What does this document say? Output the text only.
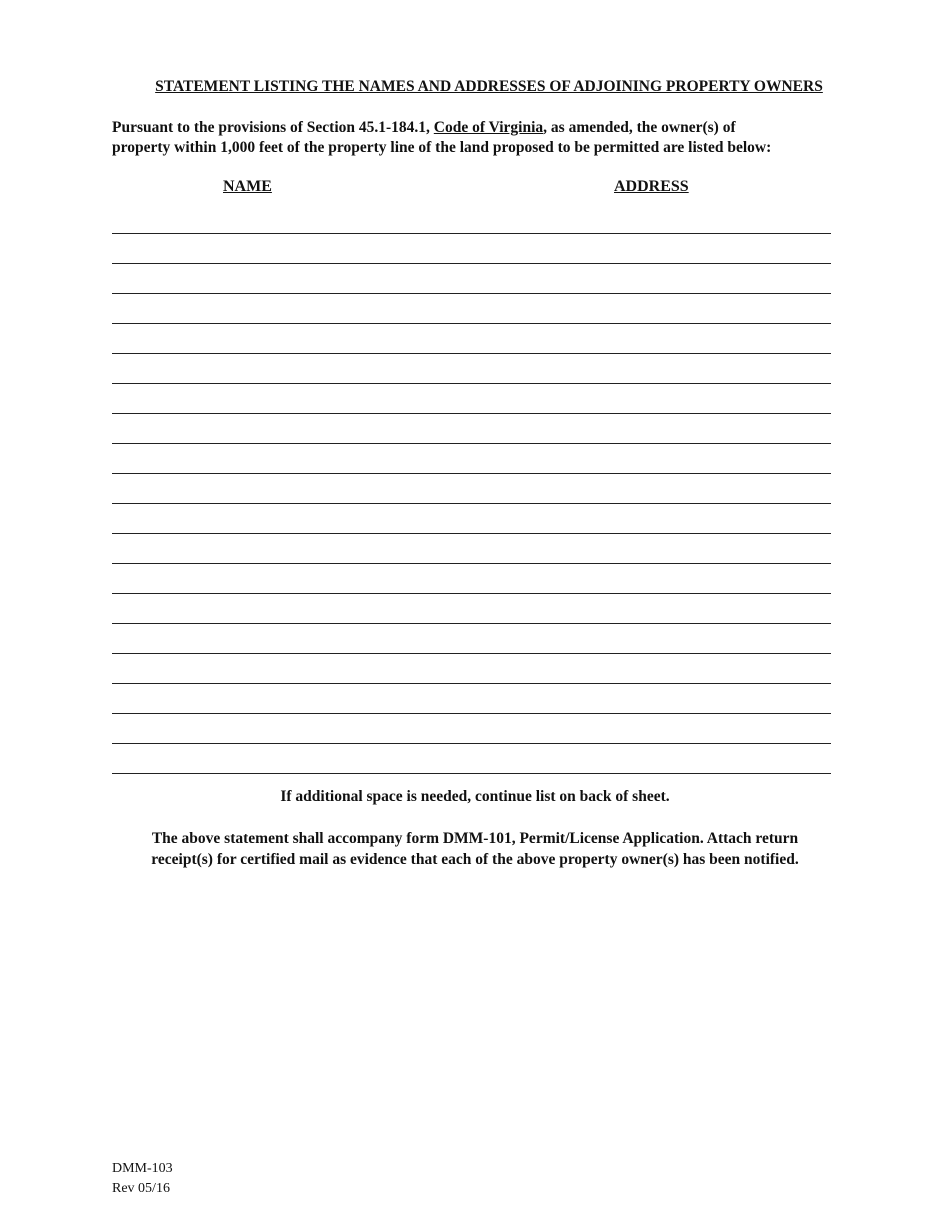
STATEMENT LISTING THE NAMES AND ADDRESSES OF ADJOINING PROPERTY OWNERS
Pursuant to the provisions of Section 45.1-184.1, Code of Virginia, as amended, the owner(s) of
property within 1,000 feet of the property line of the land proposed to be permitted are listed below:
NAME	ADDRESS
If additional space is needed, continue list on back of sheet.
The above statement shall accompany form DMM-101, Permit/License Application. Attach return
receipt(s) for certified mail as evidence that each of the above property owner(s) has been notified.
DMM-103
Rev 05/16
